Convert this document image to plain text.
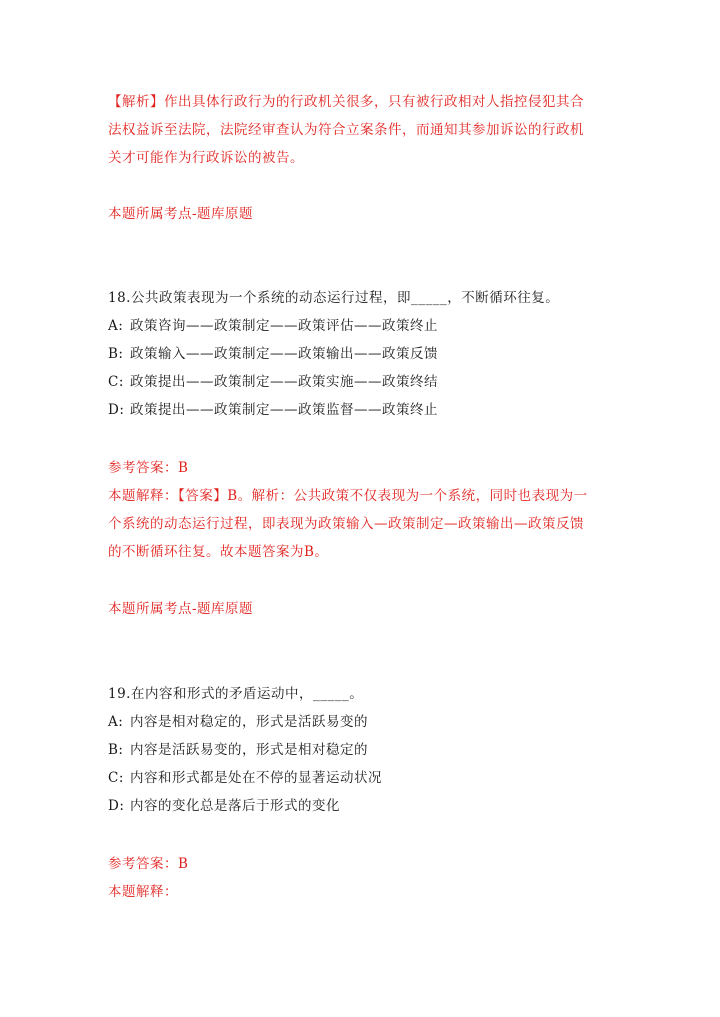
【解析】作出具体行政行为的行政机关很多，只有被行政相对人指控侵犯其合
法权益诉至法院，法院经审查认为符合立案条件，而通知其参加诉讼的行政机
关才可能作为行政诉讼的被告。
本题所属考点-题库原题
18.公共政策表现为一个系统的动态运行过程，即_____，不断循环往复。
A: 政策咨询——政策制定——政策评估——政策终止
B: 政策输入——政策制定——政策输出——政策反馈
C: 政策提出——政策制定——政策实施——政策终结
D: 政策提出——政策制定——政策监督——政策终止
参考答案：B
本题解释：【答案】B。解析：公共政策不仅表现为一个系统，同时也表现为一
个系统的动态运行过程，即表现为政策输入—政策制定—政策输出—政策反馈
的不断循环往复。故本题答案为B。
本题所属考点-题库原题
19.在内容和形式的矛盾运动中，_____。
A: 内容是相对稳定的，形式是活跃易变的
B: 内容是活跃易变的，形式是相对稳定的
C: 内容和形式都是处在不停的显著运动状况
D: 内容的变化总是落后于形式的变化
参考答案：B
本题解释：
